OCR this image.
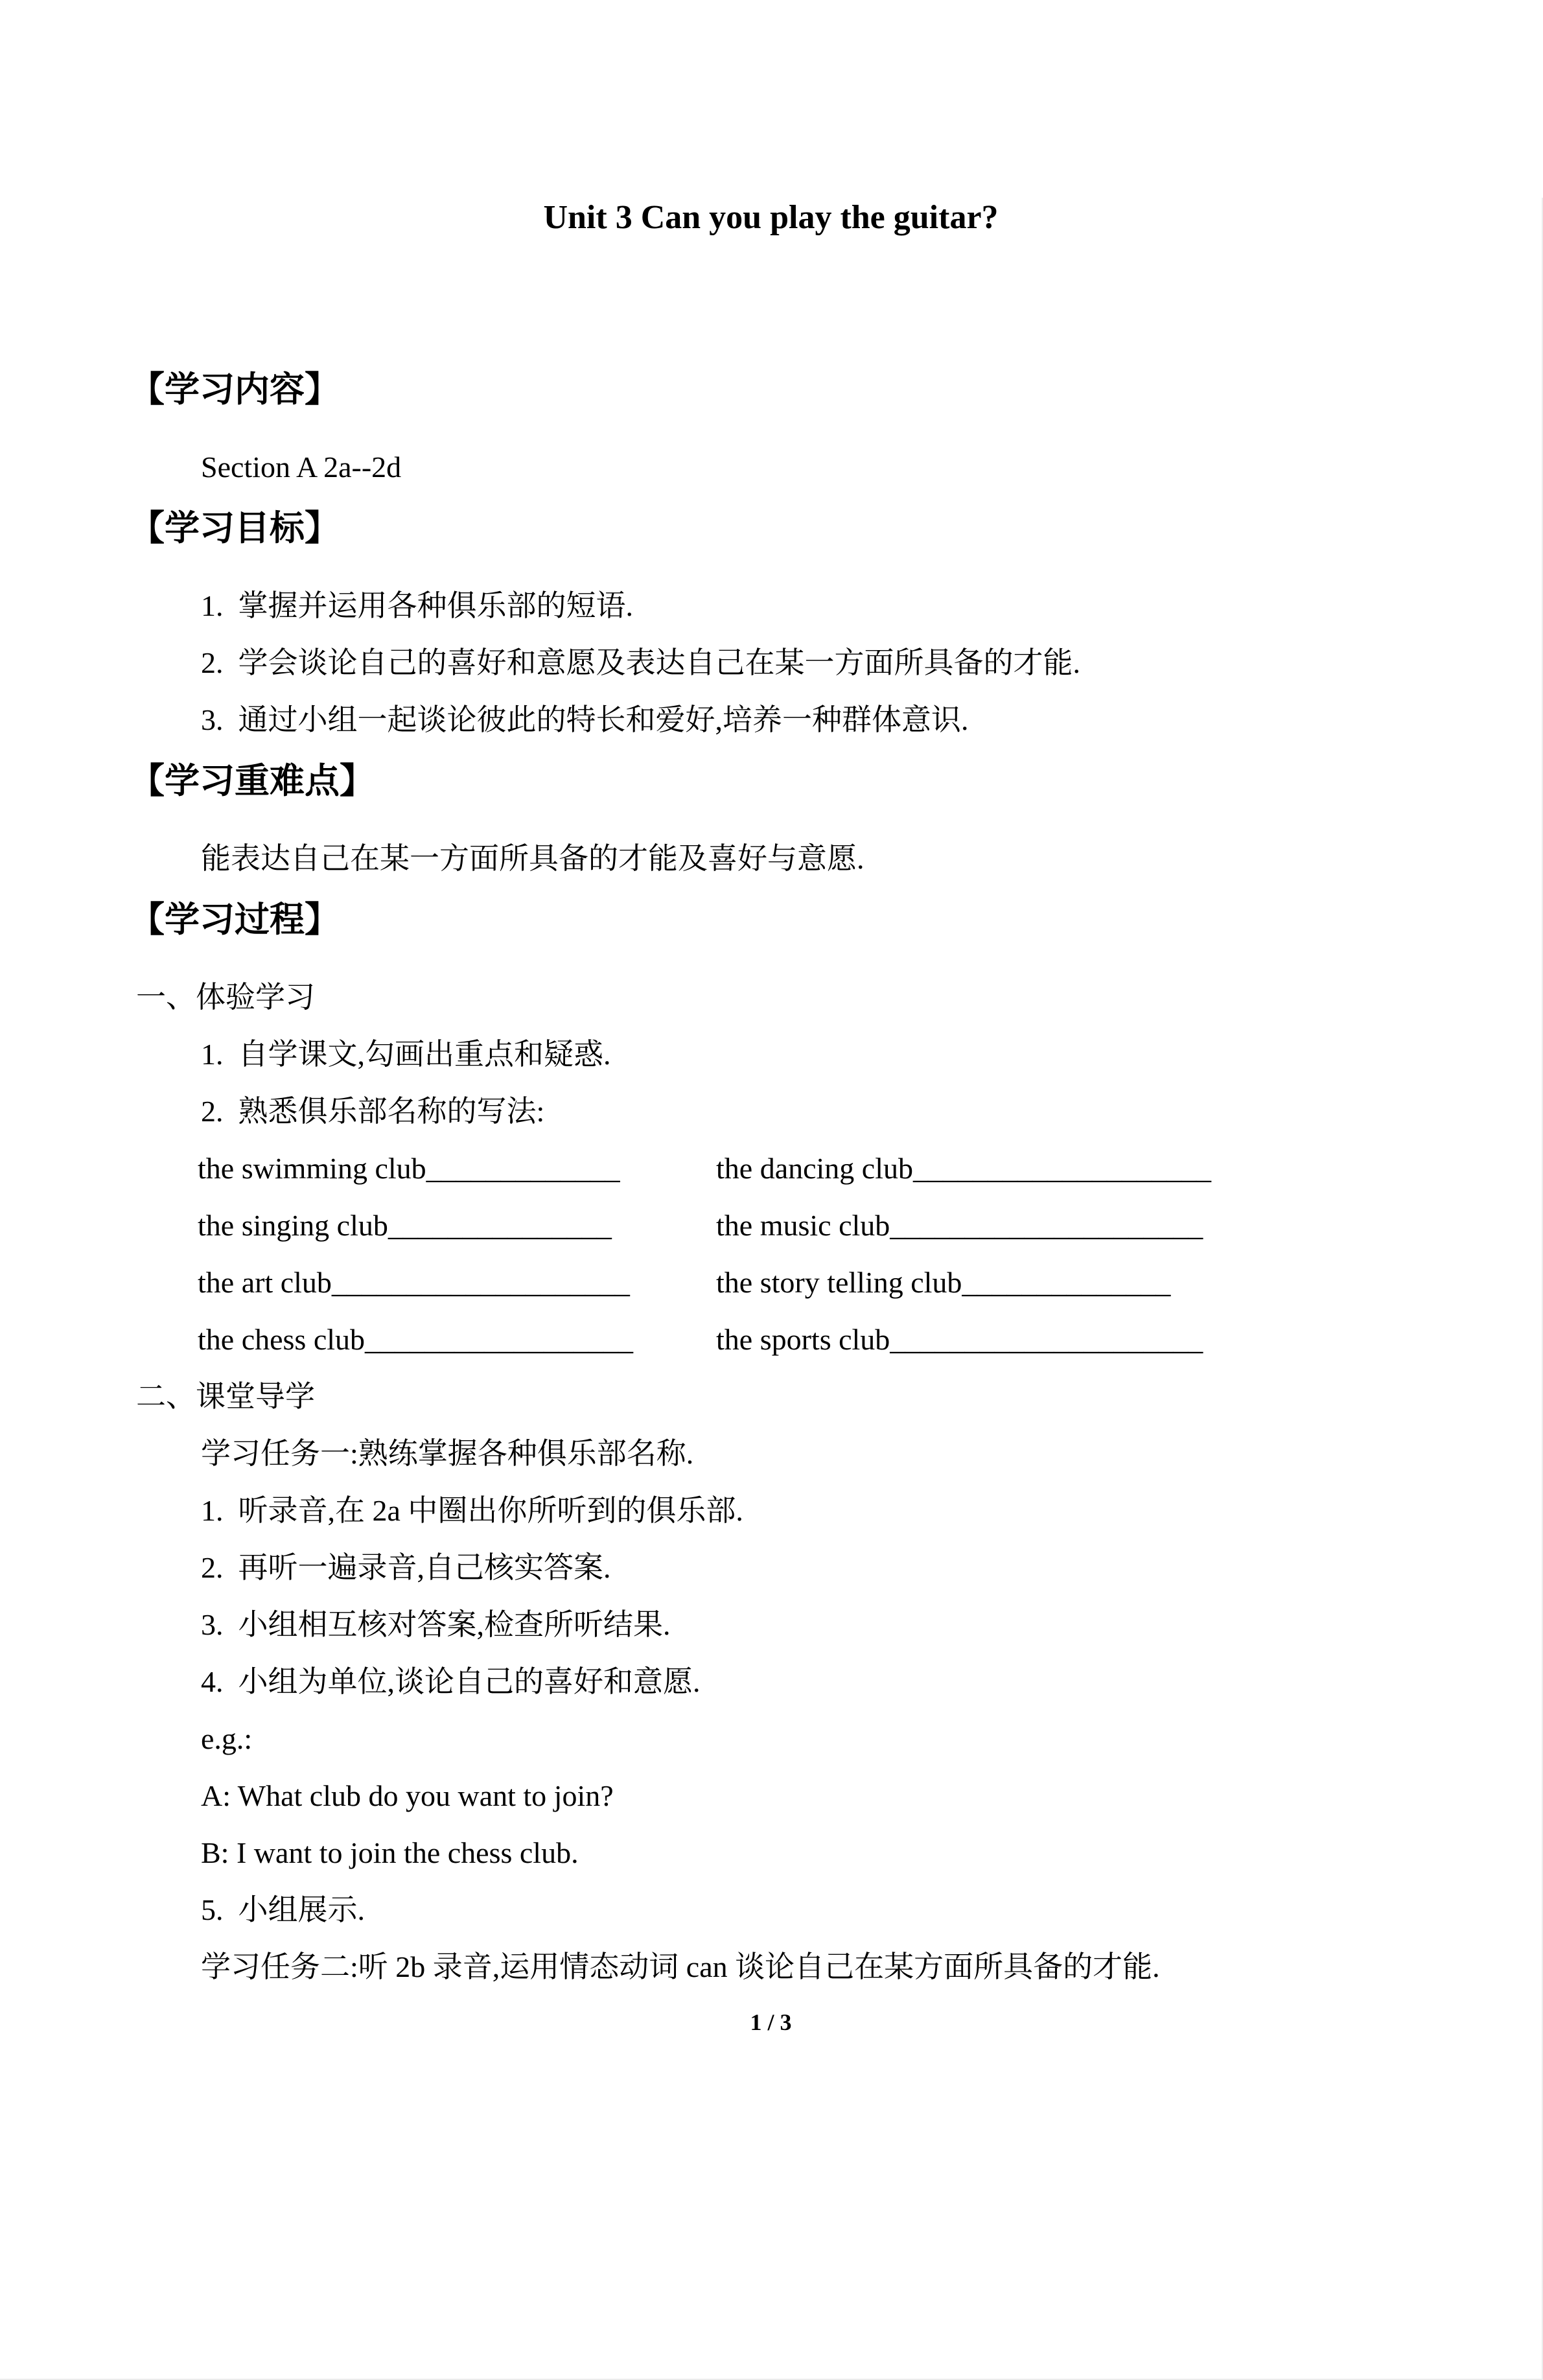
Unit 3 Can you play the guitar?
【学习内容】
Section A 2a--2d
【学习目标】
1.  掌握并运用各种俱乐部的短语.
2.  学会谈论自己的喜好和意愿及表达自己在某一方面所具备的才能.
3.  通过小组一起谈论彼此的特长和爱好,培养一种群体意识.
【学习重难点】
能表达自己在某一方面所具备的才能及喜好与意愿.
【学习过程】
一、体验学习
1.  自学课文,勾画出重点和疑惑.
2.  熟悉俱乐部名称的写法:
the swimming club_____________	the dancing club____________________
the singing club_______________	the music club_____________________
the art club____________________	the story telling club______________
the chess club__________________	the sports club_____________________
二、课堂导学
学习任务一:熟练掌握各种俱乐部名称.
1.  听录音,在 2a 中圈出你所听到的俱乐部.
2.  再听一遍录音,自己核实答案.
3.  小组相互核对答案,检查所听结果.
4.  小组为单位,谈论自己的喜好和意愿.
e.g.:
A: What club do you want to join?
B: I want to join the chess club.
5.  小组展示.
学习任务二:听 2b 录音,运用情态动词 can 谈论自己在某方面所具备的才能.
1 / 3
